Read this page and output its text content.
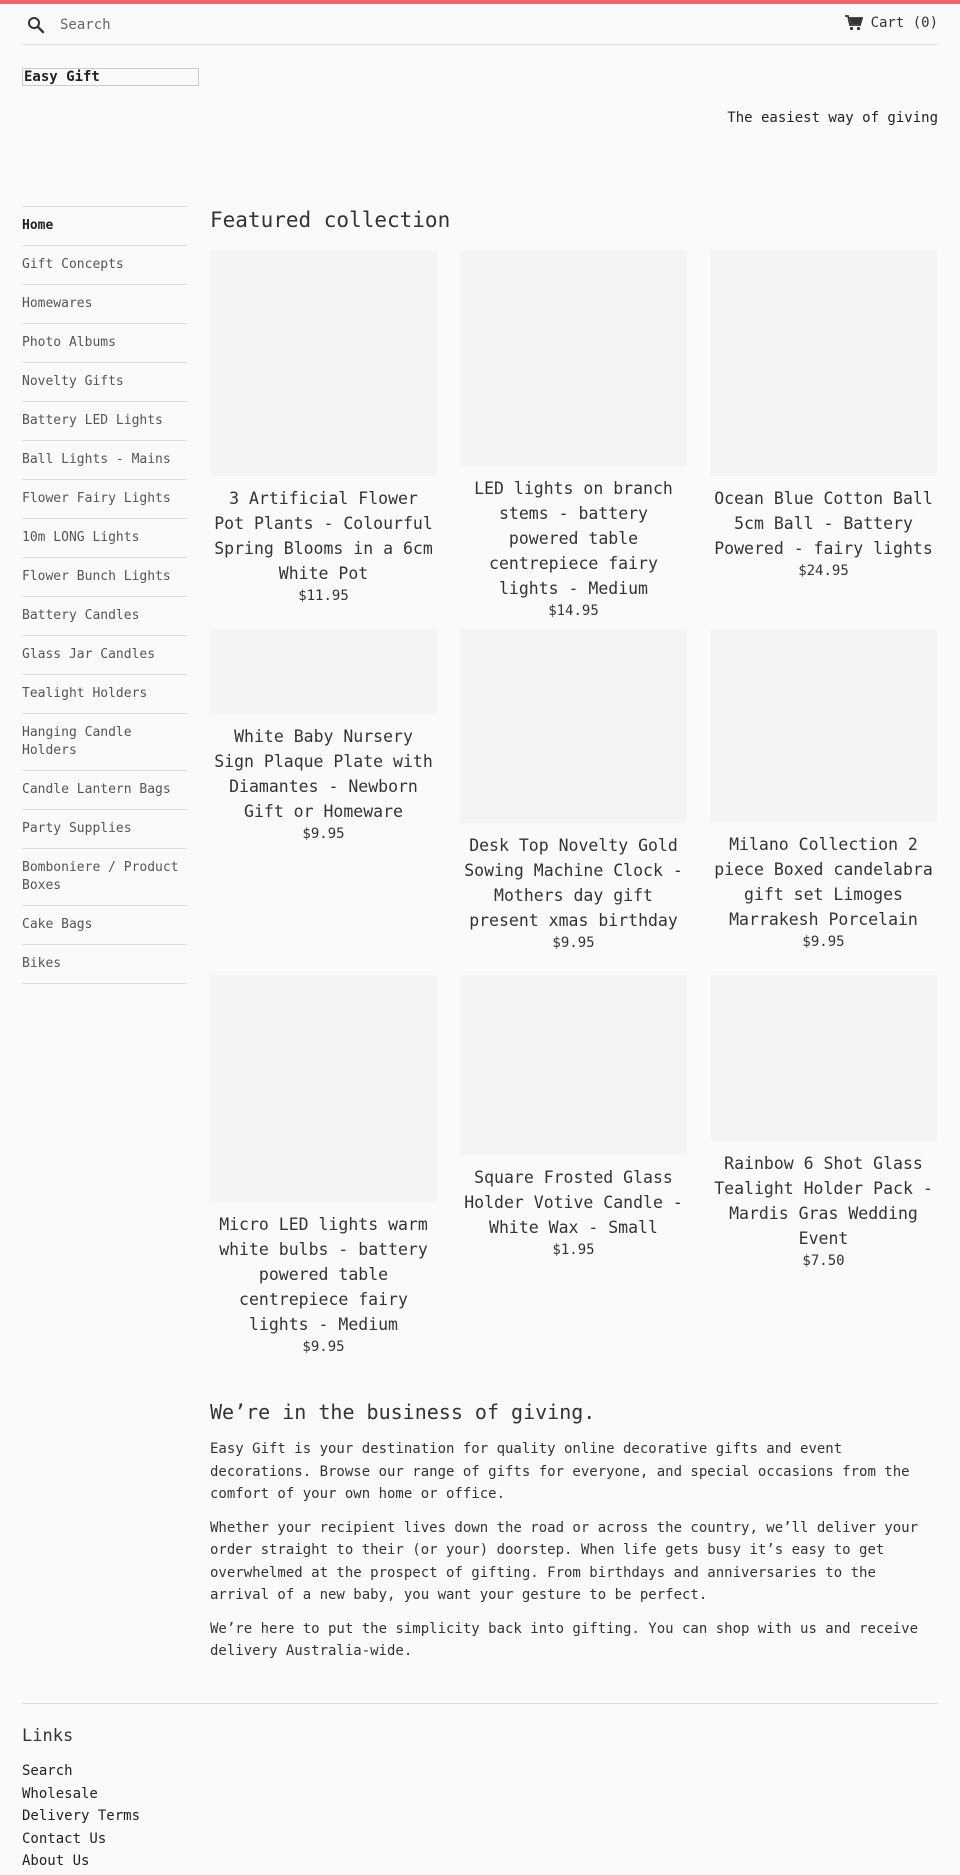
Search
Cart (0)
Easy Gift
The easiest way of giving
Home
Gift Concepts
Homewares
Photo Albums
Novelty Gifts
Battery LED Lights
Ball Lights - Mains
Flower Fairy Lights
10m LONG Lights
Flower Bunch Lights
Battery Candles
Glass Jar Candles
Tealight Holders
Hanging Candle Holders
Candle Lantern Bags
Party Supplies
Bomboniere / Product Boxes
Cake Bags
Bikes
Featured collection
3 Artificial Flower Pot Plants - Colourful Spring Blooms in a 6cm White Pot
$11.95
LED lights on branch stems - battery powered table centrepiece fairy lights - Medium
$14.95
Ocean Blue Cotton Ball 5cm Ball - Battery Powered - fairy lights
$24.95
White Baby Nursery Sign Plaque Plate with Diamantes - Newborn Gift or Homeware
$9.95
Desk Top Novelty Gold Sowing Machine Clock - Mothers day gift present xmas birthday
$9.95
Milano Collection 2 piece Boxed candelabra gift set Limoges Marrakesh Porcelain
$9.95
Micro LED lights warm white bulbs - battery powered table centrepiece fairy lights - Medium
$9.95
Square Frosted Glass Holder Votive Candle - White Wax - Small
$1.95
Rainbow 6 Shot Glass Tealight Holder Pack - Mardis Gras Wedding Event
$7.50
We’re in the business of giving.

Easy Gift is your destination for quality online decorative gifts and event decorations. Browse our range of gifts for everyone, and special occasions from the comfort of your own home or office.

Whether your recipient lives down the road or across the country, we’ll deliver your order straight to their (or your) doorstep. When life gets busy it’s easy to get overwhelmed at the prospect of gifting. From birthdays and anniversaries to the arrival of a new baby, you want your gesture to be perfect.

We’re here to put the simplicity back into gifting. You can shop with us and receive delivery Australia-wide.

Links
Search
Wholesale
Delivery Terms
Contact Us
About Us
